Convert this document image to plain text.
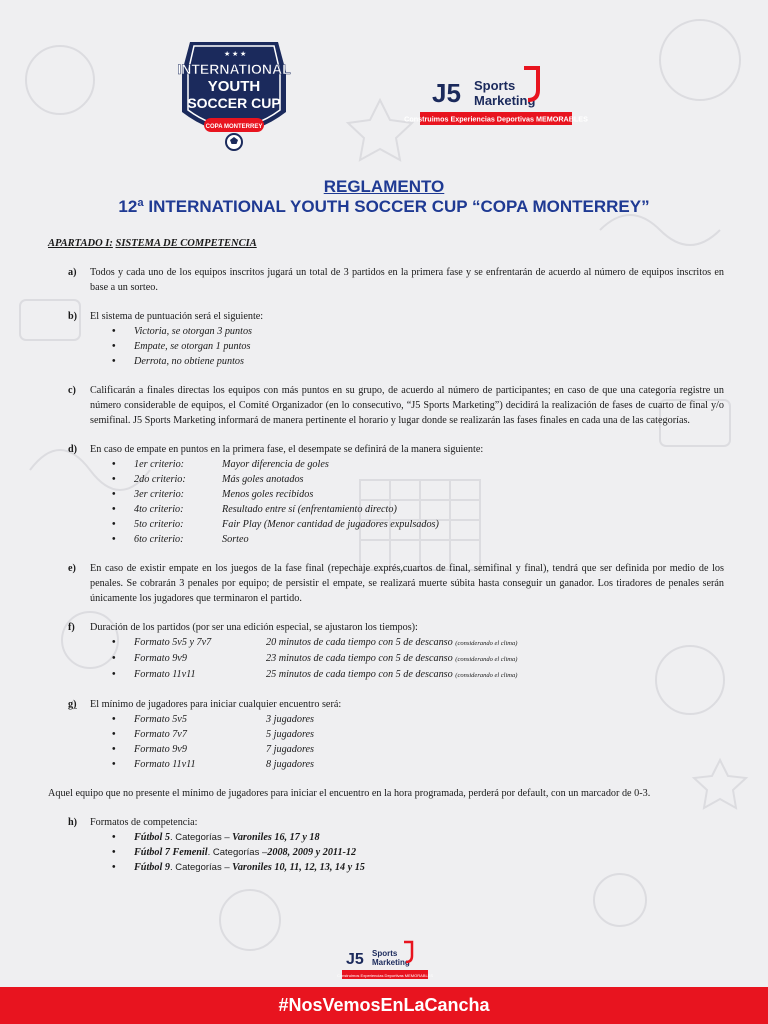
★ ★ ★
INTERNATIONAL
YOUTH
SOCCER CUP
COPA MONTERREY
J5 Sports
Marketing
Construimos Experiencias Deportivas MEMORABLES
REGLAMENTO
12ª INTERNATIONAL YOUTH SOCCER CUP “COPA MONTERREY”
APARTADO I: SISTEMA DE COMPETENCIA
a)	Todos y cada uno de los equipos inscritos jugará un total de 3 partidos en la primera fase y se enfrentarán de acuerdo al número de equipos inscritos en base a un sorteo.
b)	El sistema de puntuación será el siguiente:
• Victoria, se otorgan 3 puntos
• Empate, se otorgan 1 puntos
• Derrota, no obtiene puntos
c)	Calificarán a finales directas los equipos con más puntos en su grupo, de acuerdo al número de participantes; en caso de que una categoría registre un número considerable de equipos, el Comité Organizador (en lo consecutivo, “J5 Sports Marketing”) decidirá la realización de fases de cuarto de final y/o semifinal. J5 Sports Marketing informará de manera pertinente el horario y lugar donde se realizarán las fases finales en cada una de las categorías.
d)	En caso de empate en puntos en la primera fase, el desempate se definirá de la manera siguiente:
• 1er criterio:	Mayor diferencia de goles
• 2do criterio:	Más goles anotados
• 3er criterio:	Menos goles recibidos
• 4to criterio:	Resultado entre sí (enfrentamiento directo)
• 5to criterio:	Fair Play (Menor cantidad de jugadores expulsados)
• 6to criterio:	Sorteo
e)	En caso de existir empate en los juegos de la fase final (repechaje exprés,cuartos de final, semifinal y final), tendrá que ser definida por medio de los penales. Se cobrarán 3 penales por equipo; de persistir el empate, se realizará muerte súbita hasta conseguir un ganador. Los tiradores de penales serán únicamente los jugadores que terminaron el partido.
f)	Duración de los partidos (por ser una edición especial, se ajustaron los tiempos):
• Formato 5v5 y 7v7	20 minutos de cada tiempo con 5 de descanso (considerando el clima)
• Formato 9v9	23 minutos de cada tiempo con 5 de descanso (considerando el clima)
• Formato 11v11	25 minutos de cada tiempo con 5 de descanso (considerando el clima)
g)	El mínimo de jugadores para iniciar cualquier encuentro será:
• Formato 5v5	3 jugadores
• Formato 7v7	5 jugadores
• Formato 9v9	7 jugadores
• Formato 11v11	8 jugadores
Aquel equipo que no presente el mínimo de jugadores para iniciar el encuentro en la hora programada, perderá por default, con un marcador de 0-3.
h)	Formatos de competencia:
• Fútbol 5. Categorías – Varoniles 16, 17 y 18
• Fútbol 7 Femenil. Categorías –2008, 2009 y 2011-12
• Fútbol 9. Categorías – Varoniles 10, 11, 12, 13, 14 y 15
J5 Sports
Marketing
Construimos Experiencias Deportivas MEMORABLES
#NosVemosEnLaCancha
